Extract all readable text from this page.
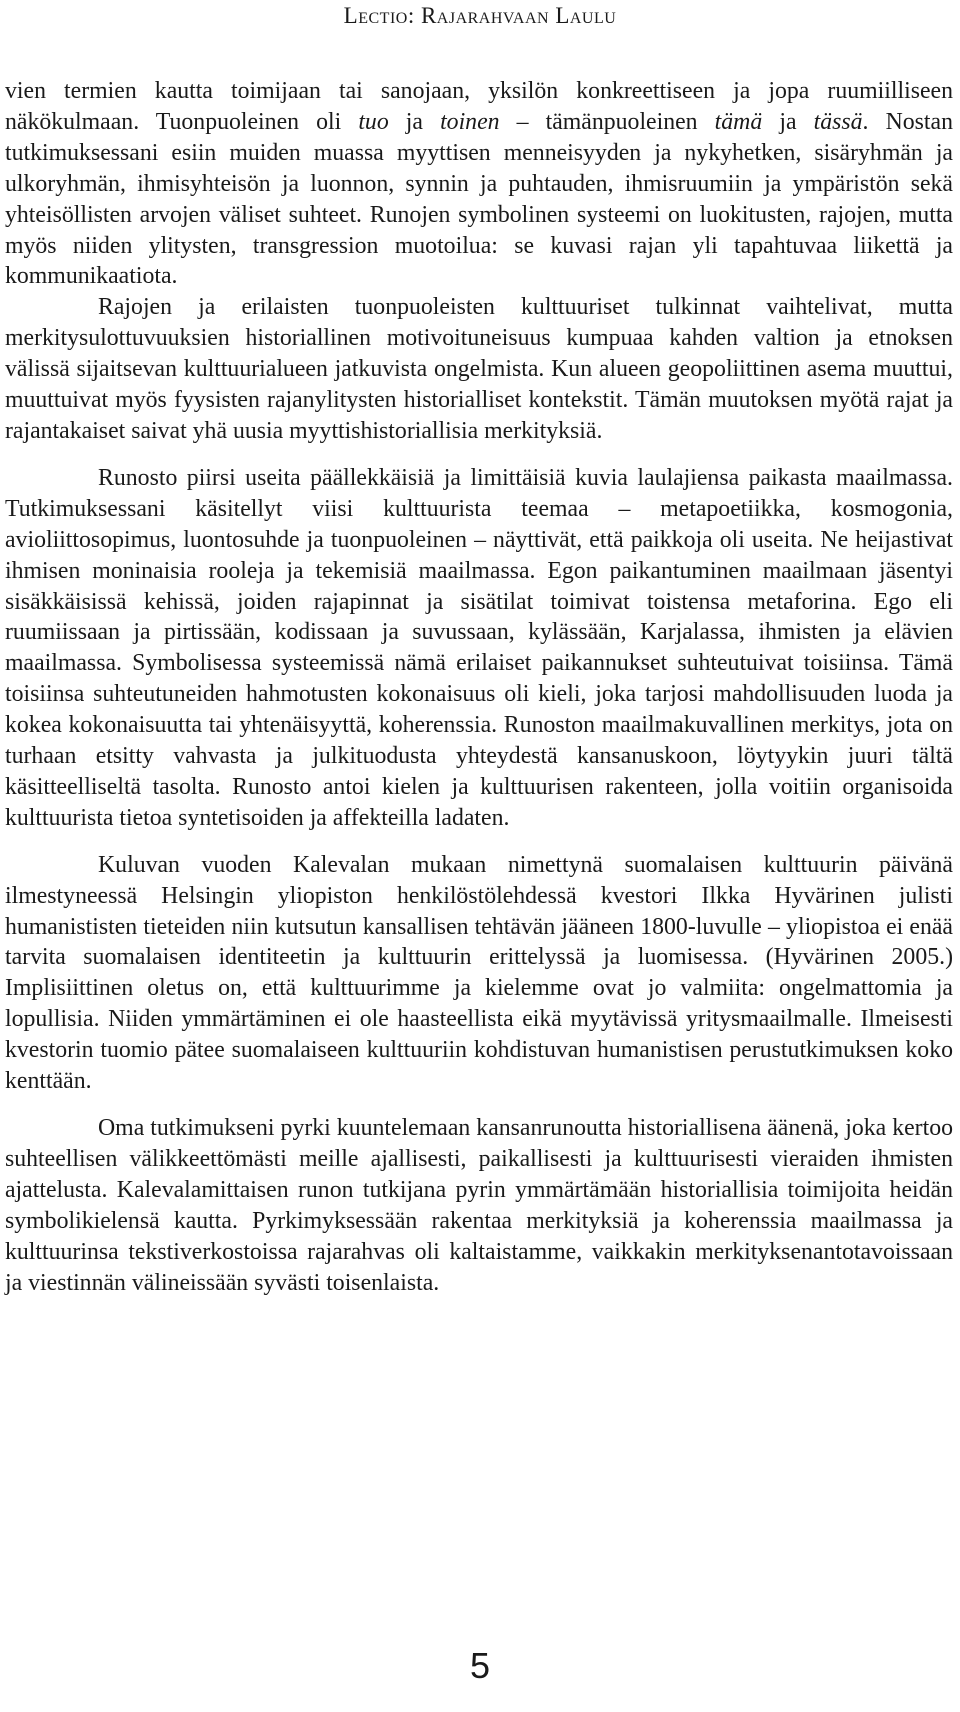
Lectio: Rajarahvaan Laulu

vien termien kautta toimijaan tai sanojaan, yksilön konkreettiseen ja jopa ruumiilliseen näkökulmaan. Tuonpuoleinen oli tuo ja toinen – tämänpuoleinen tämä ja tässä. Nostan tutkimuksessani esiin muiden muassa myyttisen menneisyyden ja nykyhetken, sisäryhmän ja ulkoryhmän, ihmisyhteisön ja luonnon, synnin ja puhtauden, ihmisruumiin ja ympäristön sekä yhteisöllisten arvojen väliset suhteet. Runojen symbolinen systeemi on luokitusten, rajojen, mutta myös niiden ylitysten, transgression muotoilua: se kuvasi rajan yli tapahtuvaa liikettä ja kommunikaatiota.

Rajojen ja erilaisten tuonpuoleisten kulttuuriset tulkinnat vaihtelivat, mutta merkitysulottuvuuksien historiallinen motivoituneisuus kumpuaa kahden valtion ja etnoksen välissä sijaitsevan kulttuurialueen jatkuvista ongelmista. Kun alueen geopoliittinen asema muuttui, muuttuivat myös fyysisten rajanylitysten historialliset kontekstit. Tämän muutoksen myötä rajat ja rajantakaiset saivat yhä uusia myyttishistoriallisia merkityksiä.

Runosto piirsi useita päällekkäisiä ja limittäisiä kuvia laulajiensa paikasta maailmassa. Tutkimuksessani käsitellyt viisi kulttuurista teemaa – metapoetiikka, kosmogonia, avioliittosopimus, luontosuhde ja tuonpuoleinen – näyttivät, että paikkoja oli useita. Ne heijastivat ihmisen moninaisia rooleja ja tekemisiä maailmassa. Egon paikantuminen maailmaan jäsentyi sisäkkäisissä kehissä, joiden rajapinnat ja sisätilat toimivat toistensa metaforina. Ego eli ruumiissaan ja pirtissään, kodissaan ja suvussaan, kylässään, Karjalassa, ihmisten ja elävien maailmassa. Symbolisessa systeemissä nämä erilaiset paikannukset suhteutuivat toisiinsa. Tämä toisiinsa suhteutuneiden hahmotusten kokonaisuus oli kieli, joka tarjosi mahdollisuuden luoda ja kokea kokonaisuutta tai yhtenäisyyttä, koherenssia. Runoston maailmakuvallinen merkitys, jota on turhaan etsitty vahvasta ja julkituodusta yhteydestä kansanuskoon, löytyykin juuri tältä käsitteelliseltä tasolta. Runosto antoi kielen ja kulttuurisen rakenteen, jolla voitiin organisoida kulttuurista tietoa syntetisoiden ja affekteilla ladaten.

Kuluvan vuoden Kalevalan mukaan nimettynä suomalaisen kulttuurin päivänä ilmestyneessä Helsingin yliopiston henkilöstölehdessä kvestori Ilkka Hyvärinen julisti humanististen tieteiden niin kutsutun kansallisen tehtävän jääneen 1800-luvulle – yliopistoa ei enää tarvita suomalaisen identiteetin ja kulttuurin erittelyssä ja luomisessa. (Hyvärinen 2005.) Implisiittinen oletus on, että kulttuurimme ja kielemme ovat jo valmiita: ongelmattomia ja lopullisia. Niiden ymmärtäminen ei ole haasteellista eikä myytävissä yritysmaailmalle. Ilmeisesti kvestorin tuomio pätee suomalaiseen kulttuuriin kohdistuvan humanistisen perustutkimuksen koko kenttään.

Oma tutkimukseni pyrki kuuntelemaan kansanrunoutta historiallisena äänenä, joka kertoo suhteellisen välikkeettömästi meille ajallisesti, paikallisesti ja kulttuurisesti vieraiden ihmisten ajattelusta. Kalevalamittaisen runon tutkijana pyrin ymmärtämään historiallisia toimijoita heidän symbolikielensä kautta. Pyrkimyksessään rakentaa merkityksiä ja koherenssia maailmassa ja kulttuurinsa tekstiverkostoissa rajarahvas oli kaltaistamme, vaikkakin merkityksenantotavoissaan ja viestinnän välineissään syvästi toisenlaista.

5
